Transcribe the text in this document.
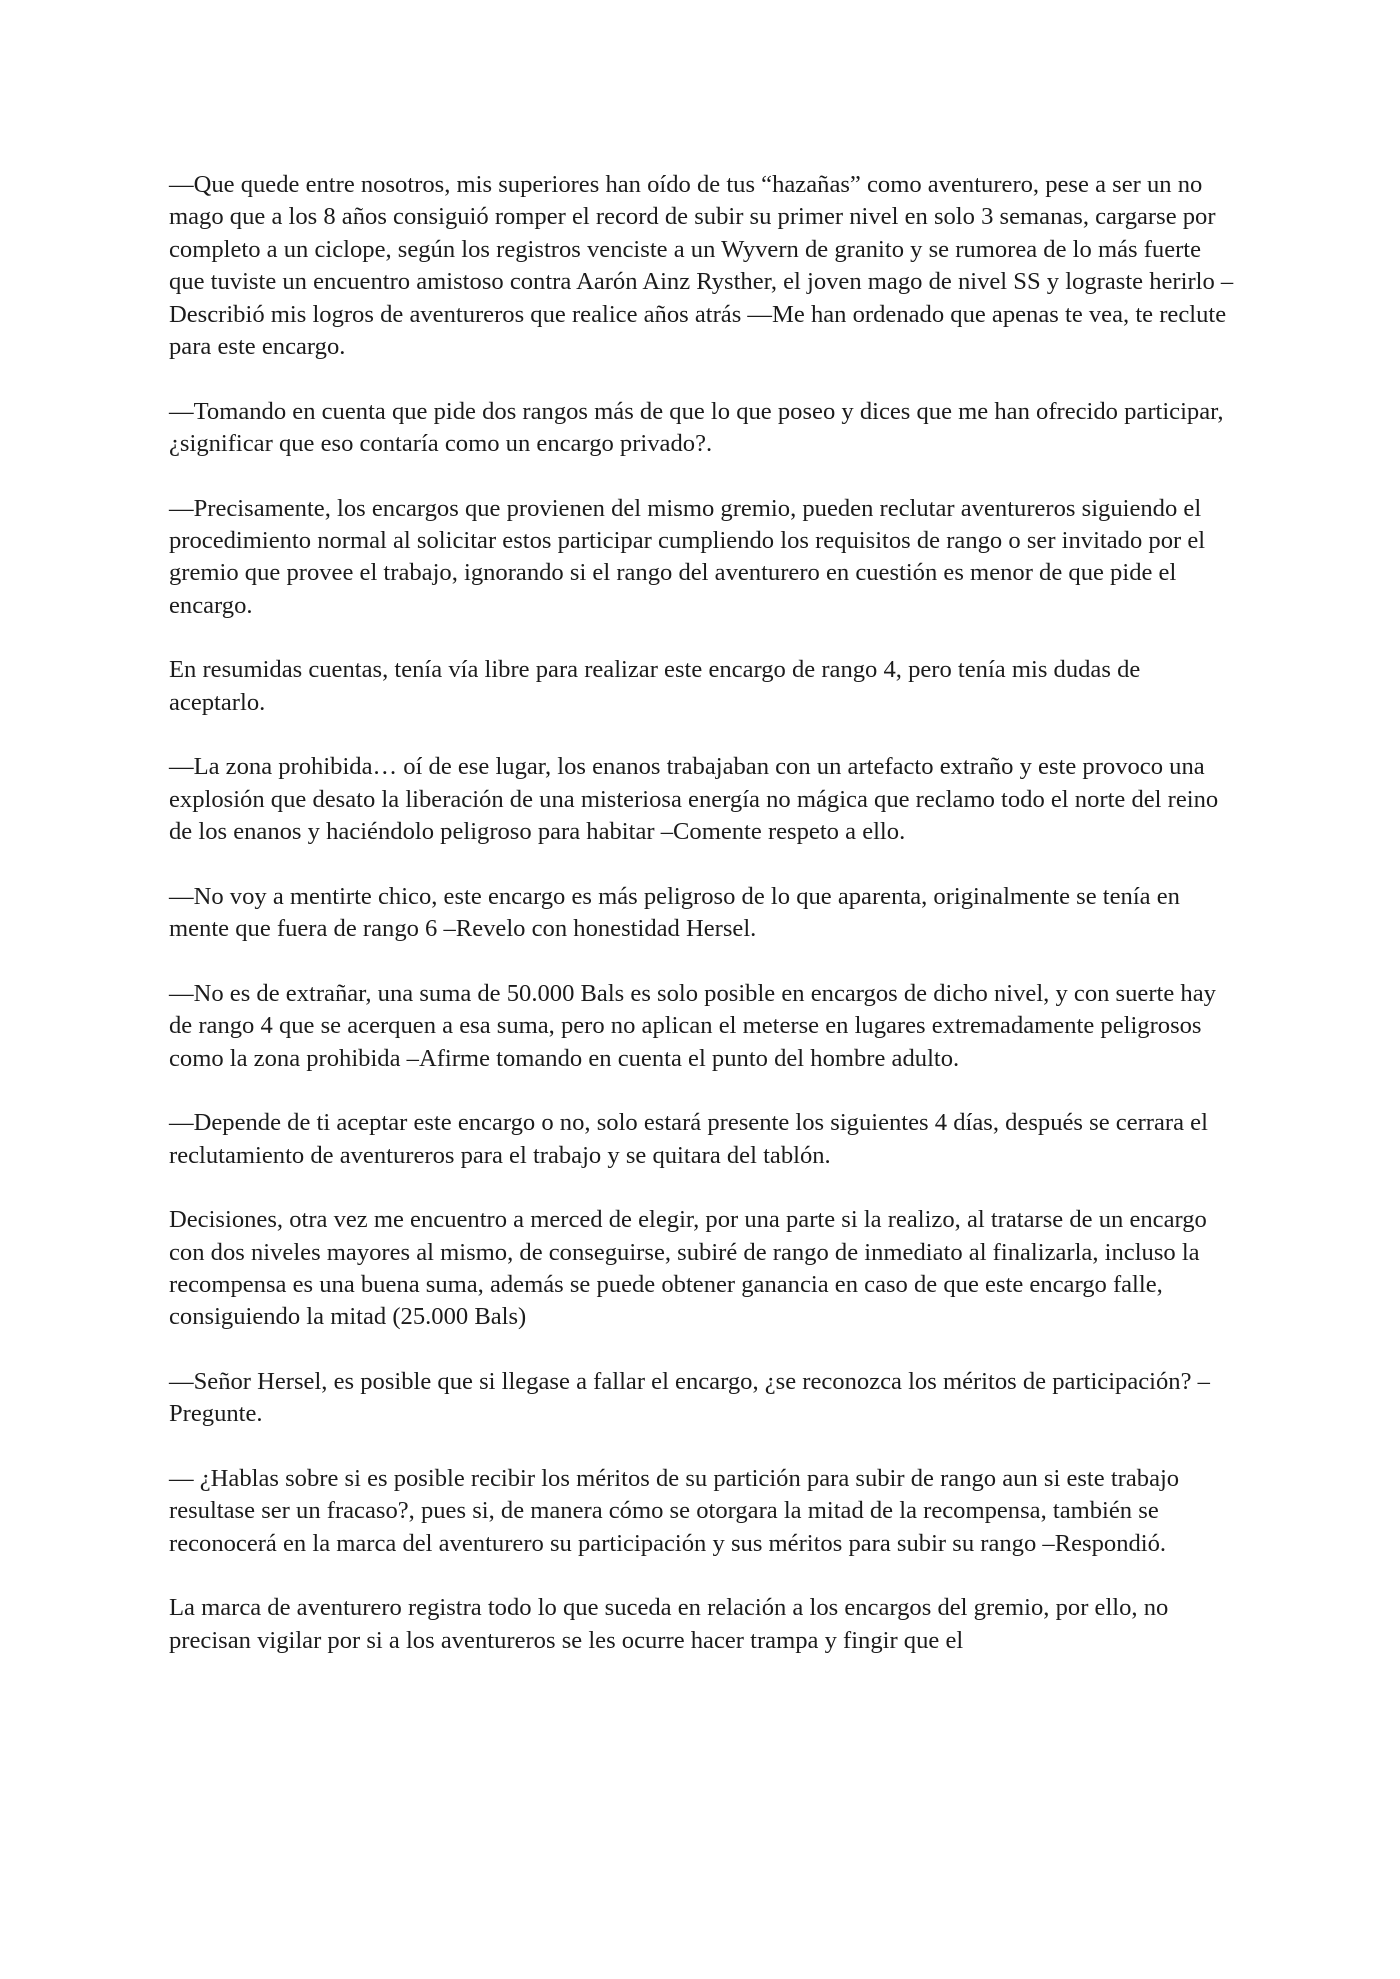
—Que quede entre nosotros, mis superiores han oído de tus “hazañas” como aventurero, pese a ser un no mago que a los 8 años consiguió romper el record de subir su primer nivel en solo 3 semanas, cargarse por completo a un ciclope, según los registros venciste a un Wyvern de granito y se rumorea de lo más fuerte que tuviste un encuentro amistoso contra Aarón Ainz Rysther, el joven mago de nivel SS y lograste herirlo –Describió mis logros de aventureros que realice años atrás —Me han ordenado que apenas te vea, te reclute para este encargo.

—Tomando en cuenta que pide dos rangos más de que lo que poseo y dices que me han ofrecido participar, ¿significar que eso contaría como un encargo privado?.

—Precisamente, los encargos que provienen del mismo gremio, pueden reclutar aventureros siguiendo el procedimiento normal al solicitar estos participar cumpliendo los requisitos de rango o ser invitado por el gremio que provee el trabajo, ignorando si el rango del aventurero en cuestión es menor de que pide el encargo.

En resumidas cuentas, tenía vía libre para realizar este encargo de rango 4, pero tenía mis dudas de aceptarlo.

—La zona prohibida… oí de ese lugar, los enanos trabajaban con un artefacto extraño y este provoco una explosión que desato la liberación de una misteriosa energía no mágica que reclamo todo el norte del reino de los enanos y haciéndolo peligroso para habitar –Comente respeto a ello.

—No voy a mentirte chico, este encargo es más peligroso de lo que aparenta, originalmente se tenía en mente que fuera de rango 6 –Revelo con honestidad Hersel.

—No es de extrañar, una suma de 50.000 Bals es solo posible en encargos de dicho nivel, y con suerte hay de rango 4 que se acerquen a esa suma, pero no aplican el meterse en lugares extremadamente peligrosos como la zona prohibida –Afirme tomando en cuenta el punto del hombre adulto.

—Depende de ti aceptar este encargo o no, solo estará presente los siguientes 4 días, después se cerrara el reclutamiento de aventureros para el trabajo y se quitara del tablón.

Decisiones, otra vez me encuentro a merced de elegir, por una parte si la realizo, al tratarse de un encargo con dos niveles mayores al mismo, de conseguirse, subiré de rango de inmediato al finalizarla, incluso la recompensa es una buena suma, además se puede obtener ganancia en caso de que este encargo falle, consiguiendo la mitad (25.000 Bals)

—Señor Hersel, es posible que si llegase a fallar el encargo, ¿se reconozca los méritos de participación? –Pregunte.

— ¿Hablas sobre si es posible recibir los méritos de su partición para subir de rango aun si este trabajo resultase ser un fracaso?, pues si, de manera cómo se otorgara la mitad de la recompensa, también se reconocerá en la marca del aventurero su participación y sus méritos para subir su rango –Respondió.

La marca de aventurero registra todo lo que suceda en relación a los encargos del gremio, por ello, no precisan vigilar por si a los aventureros se les ocurre hacer trampa y fingir que el
